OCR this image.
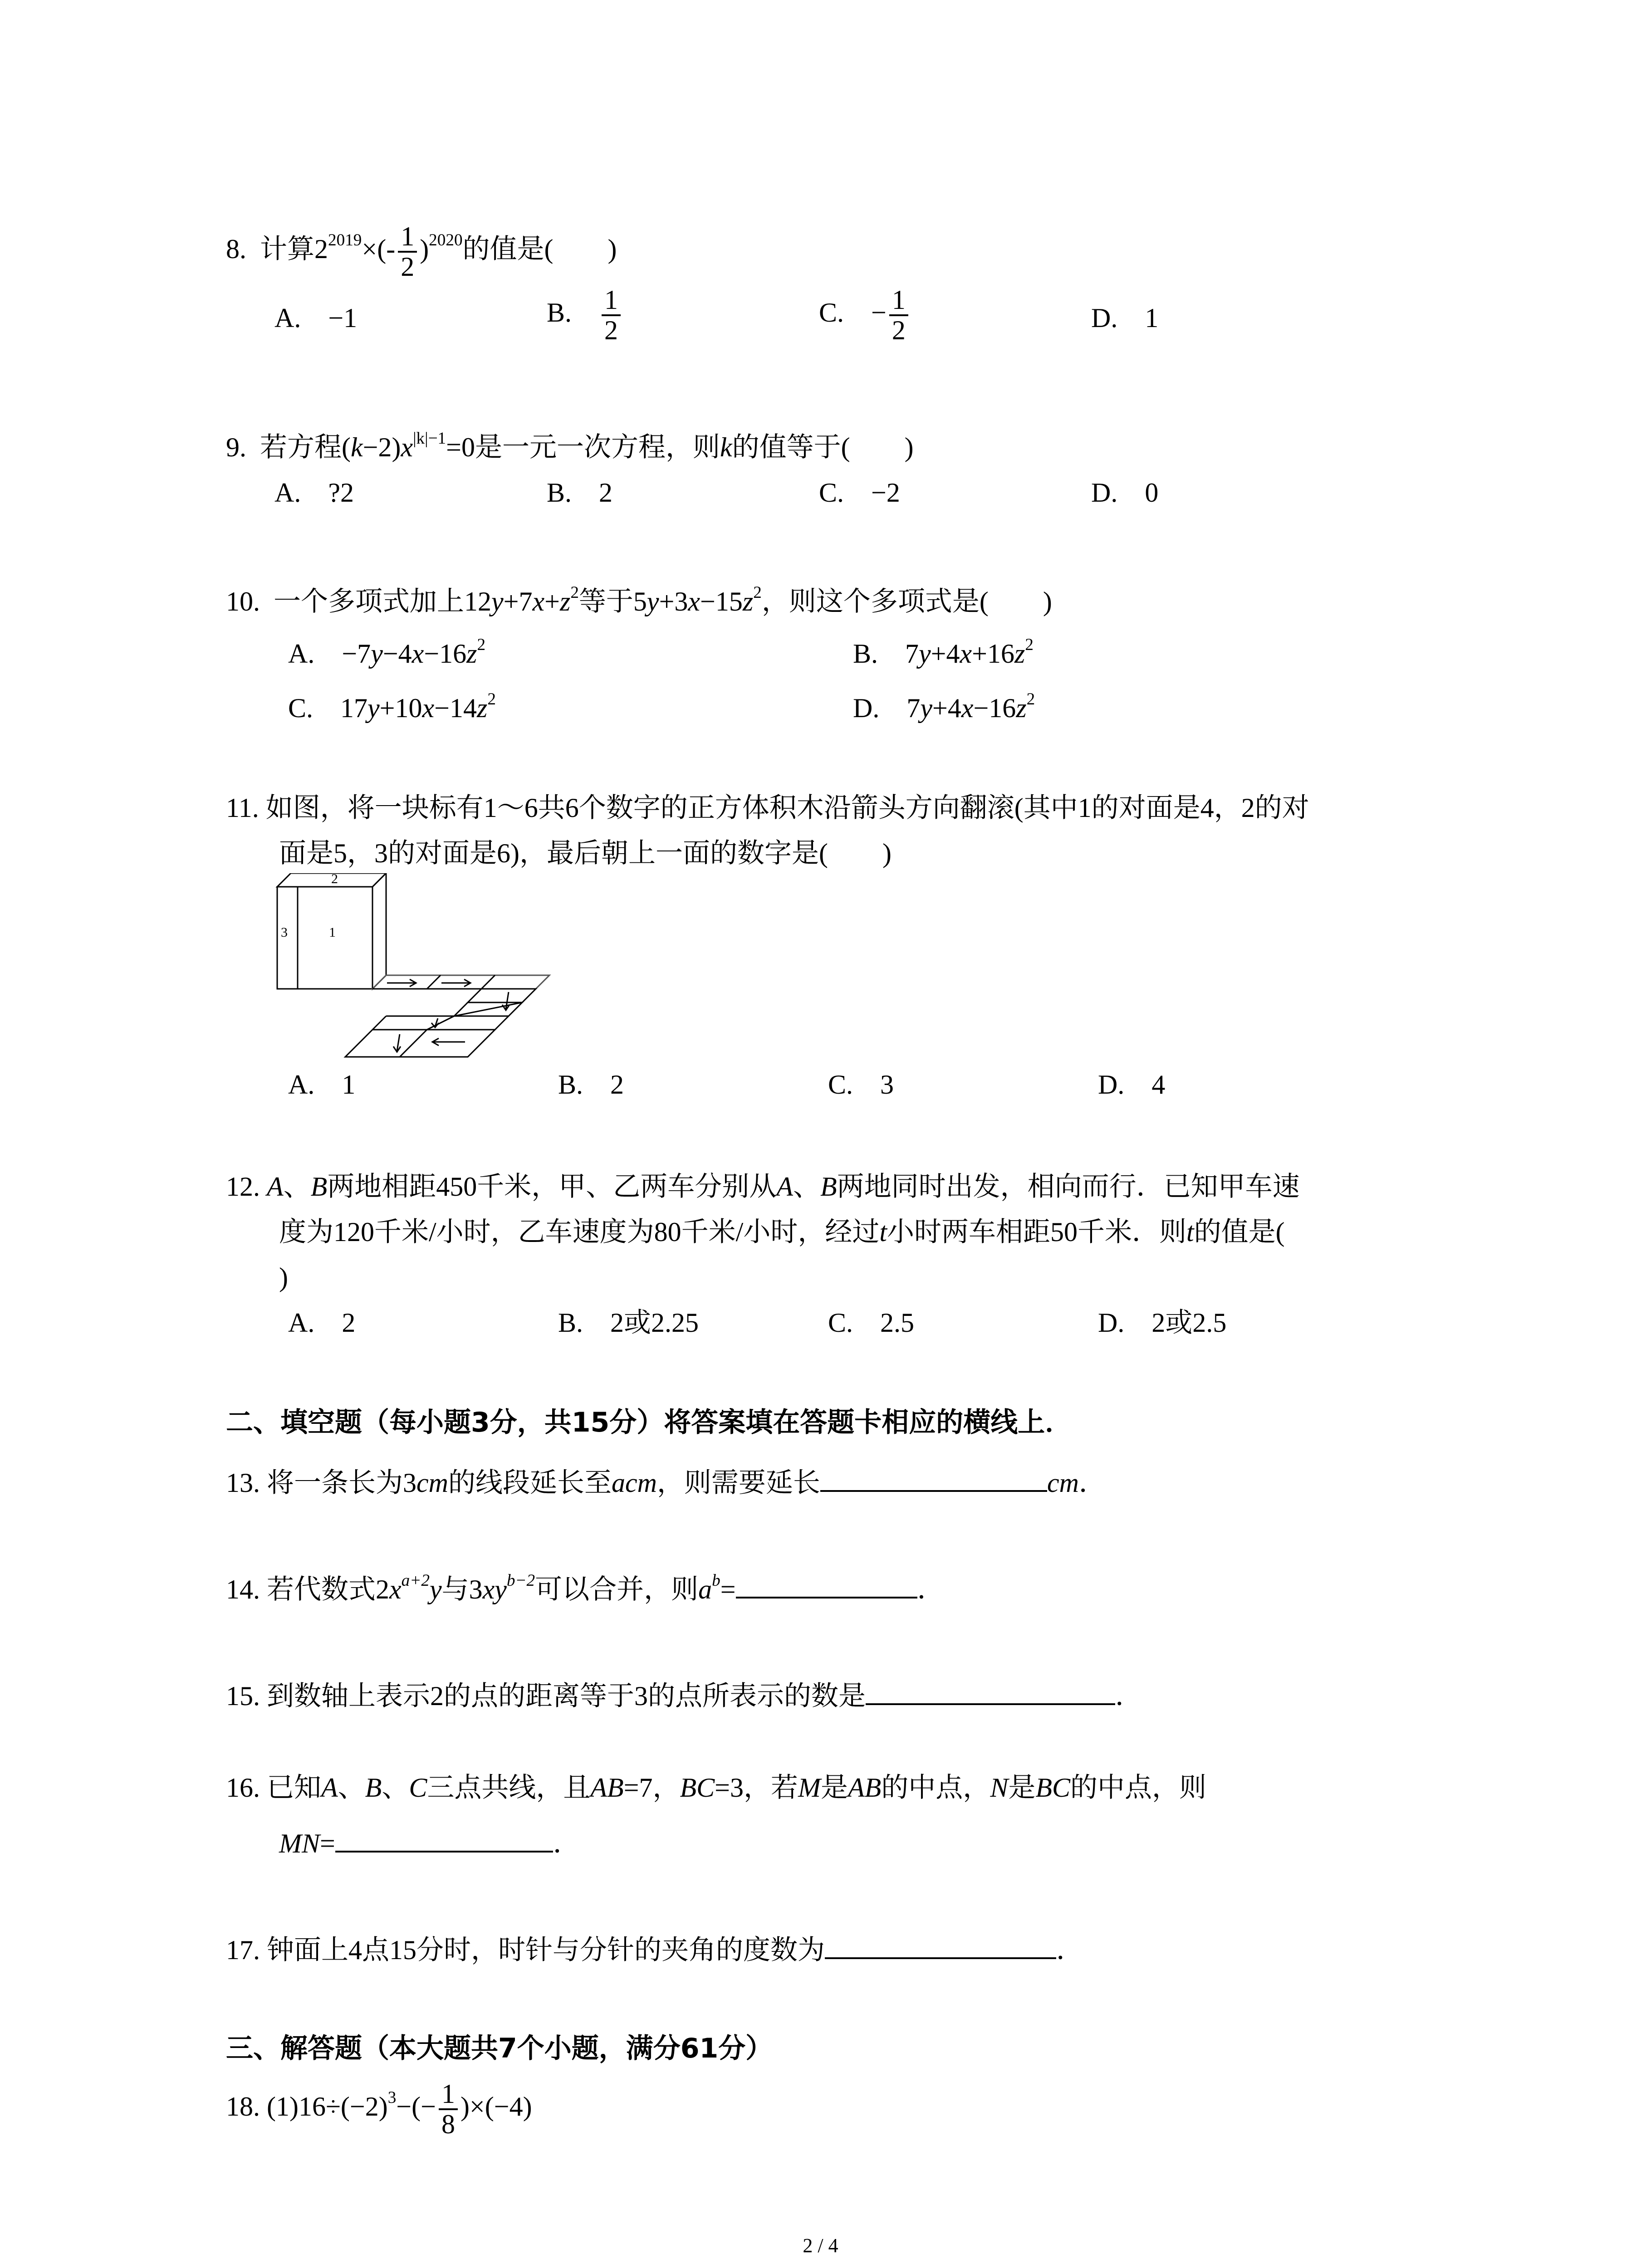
8. 计算$2^{2019}\times(- \frac{1}{2} )^{2020}$的值是(　　)
A.　 −1	B.　 $\frac{1}{2}$	C.　 − $\frac{1}{2}$	D.　 1
9. 若方程$(k-2)x^{|k|-1}=0$是一元一次方程，则k的值等于(　　)
A.　?2	B.　2	C.　−2	D.　0
10. 一个多项式加上$12y+7x+z^2$等于$5y+3x-15z^2$，则这个多项式是(　　)
A.　 $-7y-4x-16z^2$	B.　 $7y+4x+16z^2$
C.　 $17y+10x-14z^2$	D.　 $7y+4x-16z^2$
11. 如图，将一块标有1～6共6个数字的正方体积木沿箭头方向翻滚(其中1的对面是4，2的对
面是5，3的对面是6)，最后朝上一面的数字是(　　)
2
3	1
A.　1	B.　2	C.　3	D.　4
12. A、B两地相距450千米，甲、乙两车分别从A、B两地同时出发，相向而行．已知甲车速
度为120千米/小时，乙车速度为80千米/小时，经过t小时两车相距50千米．则t的值是(
)
A.　2	B.　2或2.25	C.　2.5	D.　2或2.5
二、填空题（每小题3分，共15分）将答案填在答题卡相应的横线上．
13. 将一条长为3cm的线段延长至acm，则需要延长	cm．
14. 若代数式$2x^{a+2}y$与$3xy^{b-2}$可以合并，则$a^b=$	．
15. 到数轴上表示2的点的距离等于3的点所表示的数是	．
16. 已知A、B、C三点共线，且AB=7，BC=3，若M是AB的中点，N是BC的中点，则
MN=	．
17. 钟面上4点15分时，时针与分针的夹角的度数为	．
三、解答题（本大题共7个小题，满分61分）
18. $(1)16\div(-2)^3-(- \frac{1}{8} )\times(-4)$
2 / 4
